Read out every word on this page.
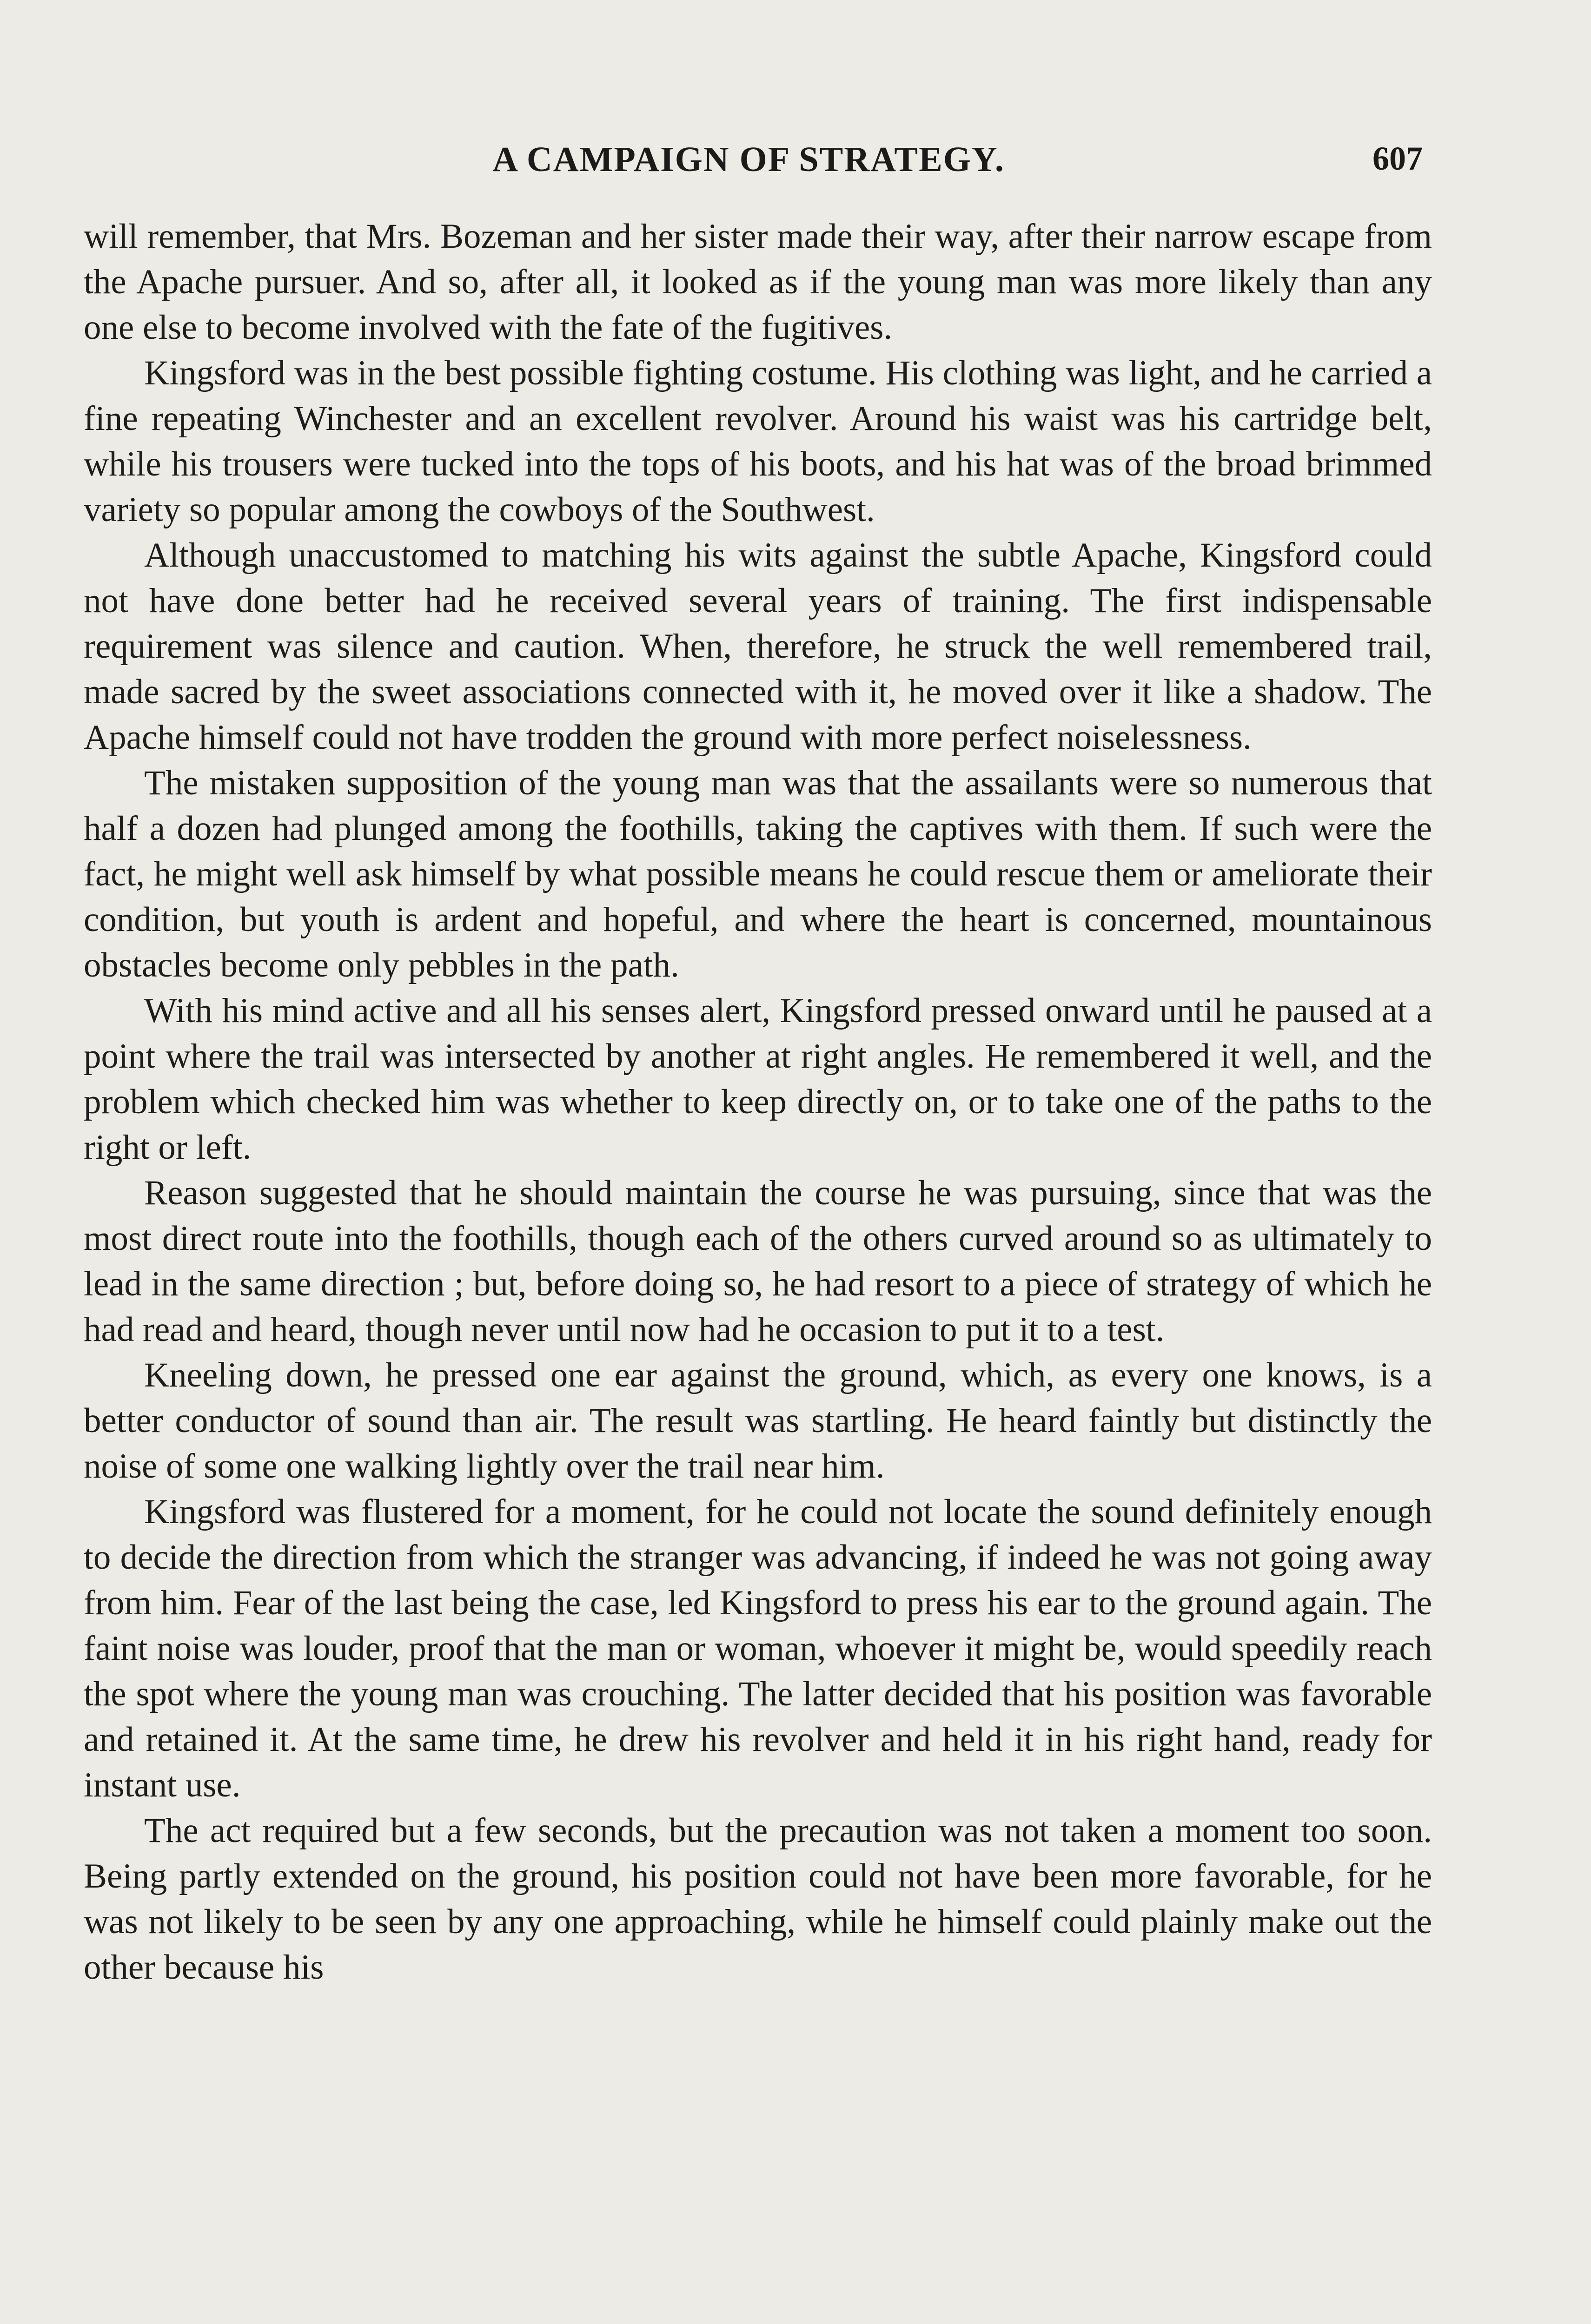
A CAMPAIGN OF STRATEGY.	607

will remember, that Mrs. Bozeman and her sister made their way, after their narrow escape from the Apache pursuer. And so, after all, it looked as if the young man was more likely than any one else to become involved with the fate of the fugitives.

Kingsford was in the best possible fighting costume. His clothing was light, and he carried a fine repeating Winchester and an excellent revolver. Around his waist was his cartridge belt, while his trousers were tucked into the tops of his boots, and his hat was of the broad brimmed variety so popular among the cowboys of the Southwest.

Although unaccustomed to matching his wits against the subtle Apache, Kingsford could not have done better had he received several years of training. The first indispensable requirement was silence and caution. When, therefore, he struck the well remembered trail, made sacred by the sweet associations connected with it, he moved over it like a shadow. The Apache himself could not have trodden the ground with more perfect noiselessness.

The mistaken supposition of the young man was that the assailants were so numerous that half a dozen had plunged among the foothills, taking the captives with them. If such were the fact, he might well ask himself by what possible means he could rescue them or ameliorate their condition, but youth is ardent and hopeful, and where the heart is concerned, mountainous obstacles become only pebbles in the path.

With his mind active and all his senses alert, Kingsford pressed onward until he paused at a point where the trail was intersected by another at right angles. He remembered it well, and the problem which checked him was whether to keep directly on, or to take one of the paths to the right or left.

Reason suggested that he should maintain the course he was pursuing, since that was the most direct route into the foothills, though each of the others curved around so as ultimately to lead in the same direction ; but, before doing so, he had resort to a piece of strategy of which he had read and heard, though never until now had he occasion to put it to a test.

Kneeling down, he pressed one ear against the ground, which, as every one knows, is a better conductor of sound than air. The result was startling. He heard faintly but distinctly the noise of some one walking lightly over the trail near him.

Kingsford was flustered for a moment, for he could not locate the sound definitely enough to decide the direction from which the stranger was advancing, if indeed he was not going away from him. Fear of the last being the case, led Kingsford to press his ear to the ground again. The faint noise was louder, proof that the man or woman, whoever it might be, would speedily reach the spot where the young man was crouching. The latter decided that his position was favorable and retained it. At the same time, he drew his revolver and held it in his right hand, ready for instant use.

The act required but a few seconds, but the precaution was not taken a moment too soon. Being partly extended on the ground, his position could not have been more favorable, for he was not likely to be seen by any one approaching, while he himself could plainly make out the other because his
